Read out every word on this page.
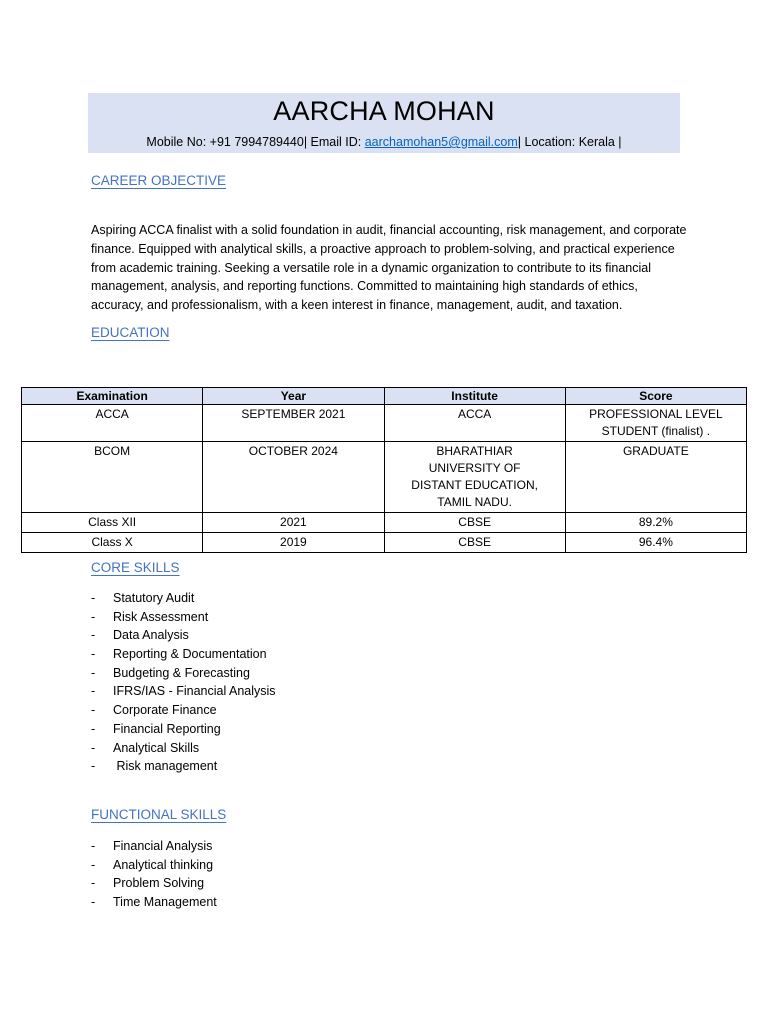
AARCHA MOHAN
Mobile No: +91 7994789440| Email ID: aarchamohan5@gmail.com| Location: Kerala |
CAREER OBJECTIVE
Aspiring ACCA finalist with a solid foundation in audit, financial accounting, risk management, and corporate finance. Equipped with analytical skills, a proactive approach to problem-solving, and practical experience from academic training. Seeking a versatile role in a dynamic organization to contribute to its financial management, analysis, and reporting functions. Committed to maintaining high standards of ethics, accuracy, and professionalism, with a keen interest in finance, management, audit, and taxation.
EDUCATION
Examination	Year	Institute	Score
ACCA	SEPTEMBER 2021	ACCA	PROFESSIONAL LEVEL STUDENT (finalist) .
BCOM	OCTOBER 2024	BHARATHIAR UNIVERSITY OF DISTANT EDUCATION, TAMIL NADU.	GRADUATE
Class XII	2021	CBSE	89.2%
Class X	2019	CBSE	96.4%
CORE SKILLS
- Statutory Audit
- Risk Assessment
- Data Analysis
- Reporting & Documentation
- Budgeting & Forecasting
- IFRS/IAS - Financial Analysis
- Corporate Finance
- Financial Reporting
- Analytical Skills
- Risk management
FUNCTIONAL SKILLS
- Financial Analysis
- Analytical thinking
- Problem Solving
- Time Management
